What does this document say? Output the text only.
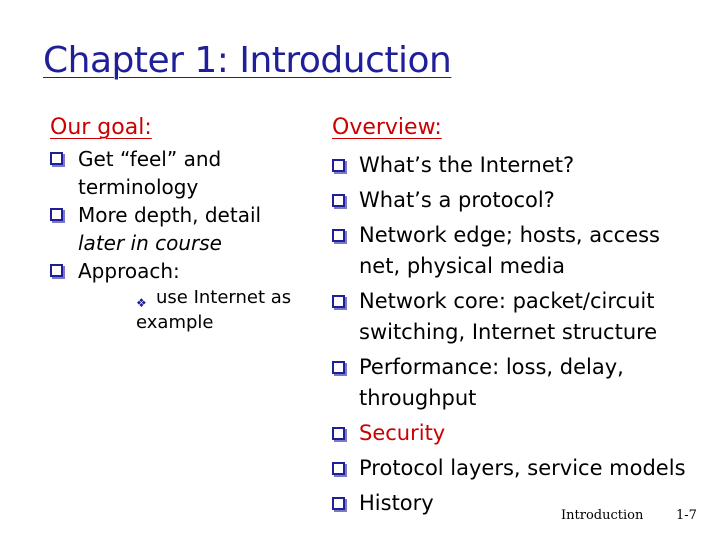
Chapter 1: Introduction
Our goal:	Overview:
Get “feel” and
terminology
More depth, detail
later in course
Approach:
❖ use Internet as
example
What’s the Internet?
What’s a protocol?
Network edge; hosts, access
net, physical media
Network core: packet/circuit
switching, Internet structure
Performance: loss, delay,
throughput
Security
Protocol layers, service models
History
Introduction	1-7
